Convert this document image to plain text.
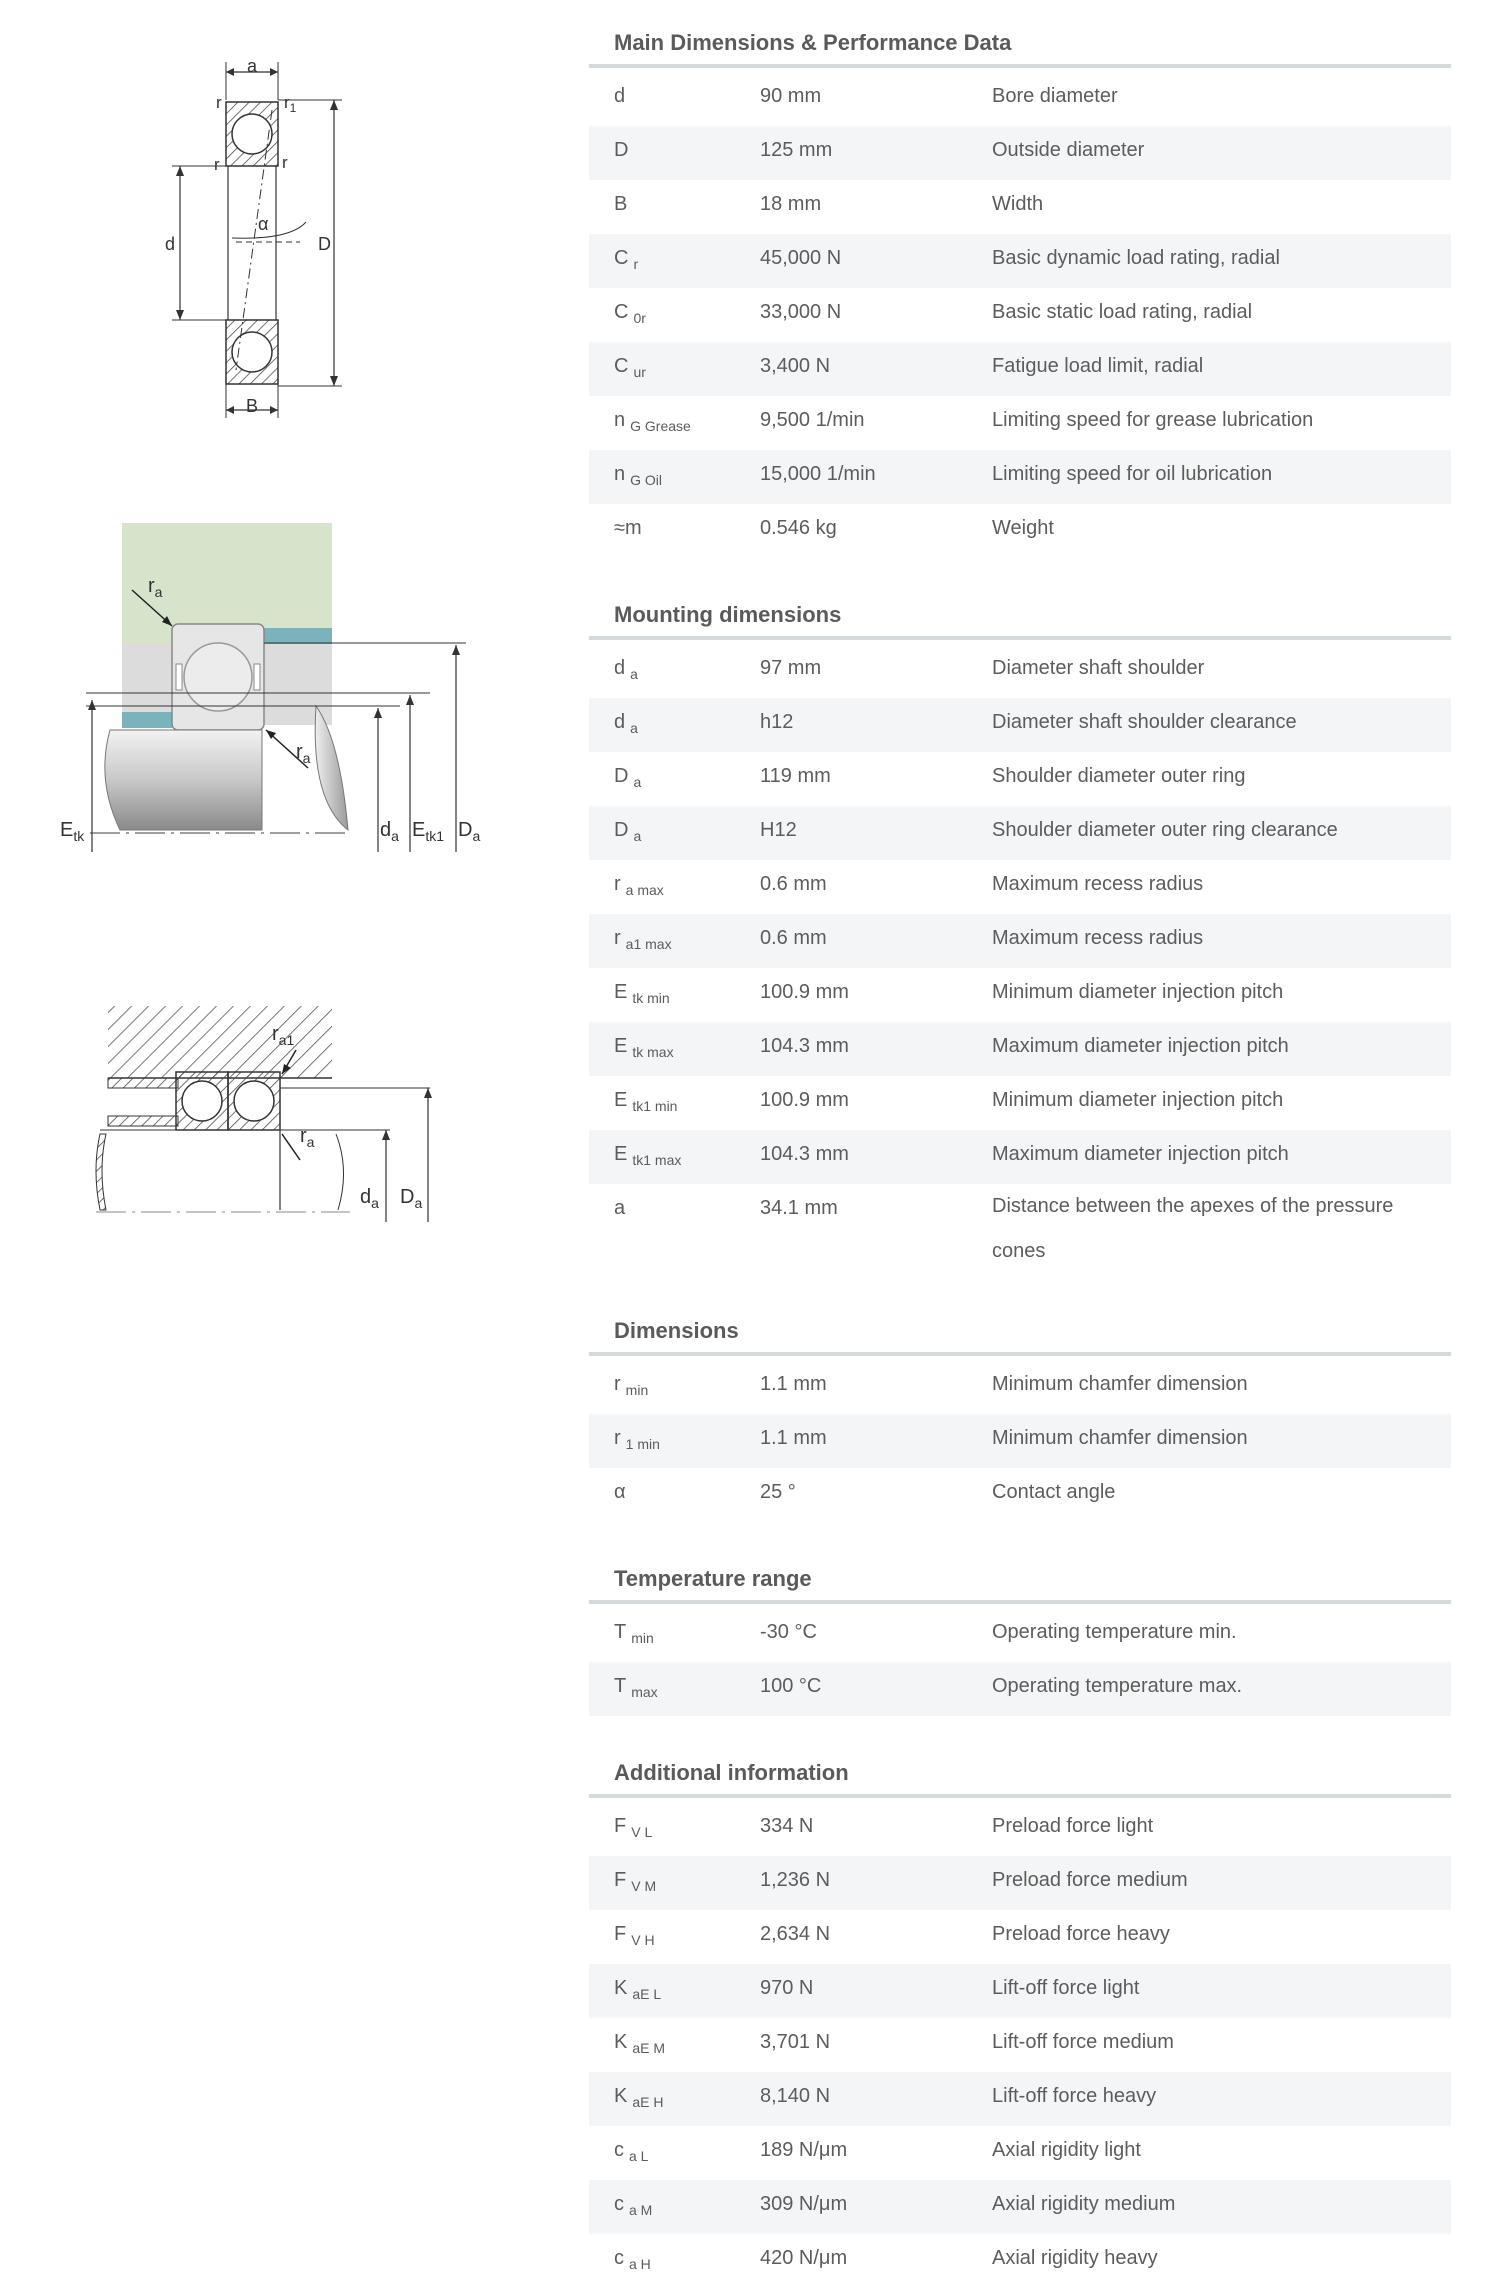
a
r	$r_1$
r	r
d	D
α
B
$r_a$
$r_a$
$E_{tk}$	$d_a$ $E_{tk1}$ $D_a$
$r_{a1}$
$r_a$
$d_a$ $D_a$
Main Dimensions & Performance Data
d	90 mm	Bore diameter
D	125 mm	Outside diameter
B	18 mm	Width
C $_r$	45,000 N	Basic dynamic load rating, radial
C $_{0r}$	33,000 N	Basic static load rating, radial
C $_{ur}$	3,400 N	Fatigue load limit, radial
n $_{G Grease}$	9,500 1/min	Limiting speed for grease lubrication
n $_{G Oil}$	15,000 1/min	Limiting speed for oil lubrication
≈m	0.546 kg	Weight
Mounting dimensions
d $_a$	97 mm	Diameter shaft shoulder
d $_a$	h12	Diameter shaft shoulder clearance
D $_a$	119 mm	Shoulder diameter outer ring
D $_a$	H12	Shoulder diameter outer ring clearance
r $_{a max}$	0.6 mm	Maximum recess radius
r $_{a1 max}$	0.6 mm	Maximum recess radius
E $_{tk min}$	100.9 mm	Minimum diameter injection pitch
E $_{tk max}$	104.3 mm	Maximum diameter injection pitch
E $_{tk1 min}$	100.9 mm	Minimum diameter injection pitch
E $_{tk1 max}$	104.3 mm	Maximum diameter injection pitch
a	34.1 mm	Distance between the apexes of the pressure cones
Dimensions
r $_{min}$	1.1 mm	Minimum chamfer dimension
r $_{1 min}$	1.1 mm	Minimum chamfer dimension
α	25 °	Contact angle
Temperature range
T $_{min}$	-30 °C	Operating temperature min.
T $_{max}$	100 °C	Operating temperature max.
Additional information
F $_{V L}$	334 N	Preload force light
F $_{V M}$	1,236 N	Preload force medium
F $_{V H}$	2,634 N	Preload force heavy
K $_{aE L}$	970 N	Lift-off force light
K $_{aE M}$	3,701 N	Lift-off force medium
K $_{aE H}$	8,140 N	Lift-off force heavy
c $_{a L}$	189 N/μm	Axial rigidity light
c $_{a M}$	309 N/μm	Axial rigidity medium
c $_{a H}$	420 N/μm	Axial rigidity heavy
